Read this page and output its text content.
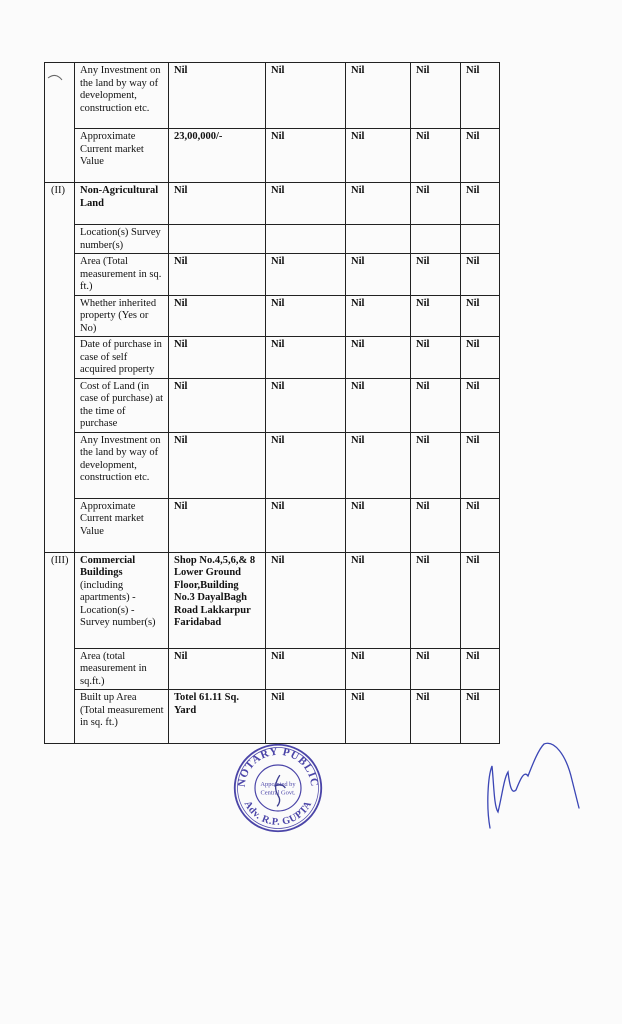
	Any Investment on the land by way of development, construction etc.	Nil	Nil	Nil	Nil	Nil
	Approximate Current market Value	23,00,000/-	Nil	Nil	Nil	Nil
(II)	Non-Agricultural Land	Nil	Nil	Nil	Nil	Nil
	Location(s) Survey number(s)					
	Area (Total measurement in sq. ft.)	Nil	Nil	Nil	Nil	Nil
	Whether inherited property (Yes or No)	Nil	Nil	Nil	Nil	Nil
	Date of purchase in case of self acquired property	Nil	Nil	Nil	Nil	Nil
	Cost of Land (in case of purchase) at the time of purchase	Nil	Nil	Nil	Nil	Nil
	Any Investment on the land by way of development, construction etc.	Nil	Nil	Nil	Nil	Nil
	Approximate Current market Value	Nil	Nil	Nil	Nil	Nil
(III)	Commercial Buildings (including apartments) -Location(s) -Survey number(s)	Shop No.4,5,6,& 8 Lower Ground Floor,Building No.3 DayalBagh Road Lakkarpur Faridabad	Nil	Nil	Nil	Nil
	Area (total measurement in sq.ft.)	Nil	Nil	Nil	Nil	Nil
	Built up Area (Total measurement in sq. ft.)	Totel 61.11 Sq. Yard	Nil	Nil	Nil	Nil
NOTARY PUBLIC
Adv. R.P. GUPTA
Appointed by
Central Govt.
